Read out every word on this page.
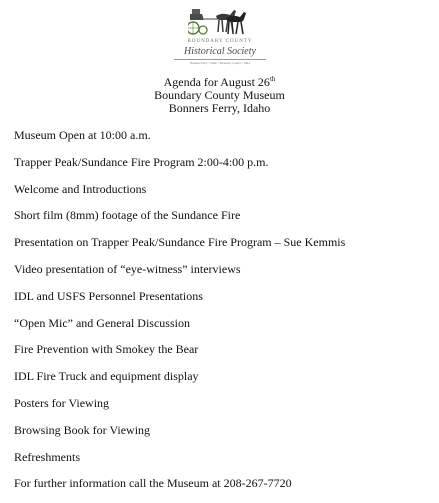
BOUNDARY COUNTY
Historical Society
Bonners Ferry • Idaho • Boundary County • 1864
Agenda for August 26th
Boundary County Museum
Bonners Ferry, Idaho
Museum Open at 10:00 a.m.
Trapper Peak/Sundance Fire Program 2:00-4:00 p.m.
Welcome and Introductions
Short film (8mm) footage of the Sundance Fire
Presentation on Trapper Peak/Sundance Fire Program – Sue Kemmis
Video presentation of “eye-witness” interviews
IDL and USFS Personnel Presentations
“Open Mic” and General Discussion
Fire Prevention with Smokey the Bear
IDL Fire Truck and equipment display
Posters for Viewing
Browsing Book for Viewing
Refreshments
For further information call the Museum at 208-267-7720
